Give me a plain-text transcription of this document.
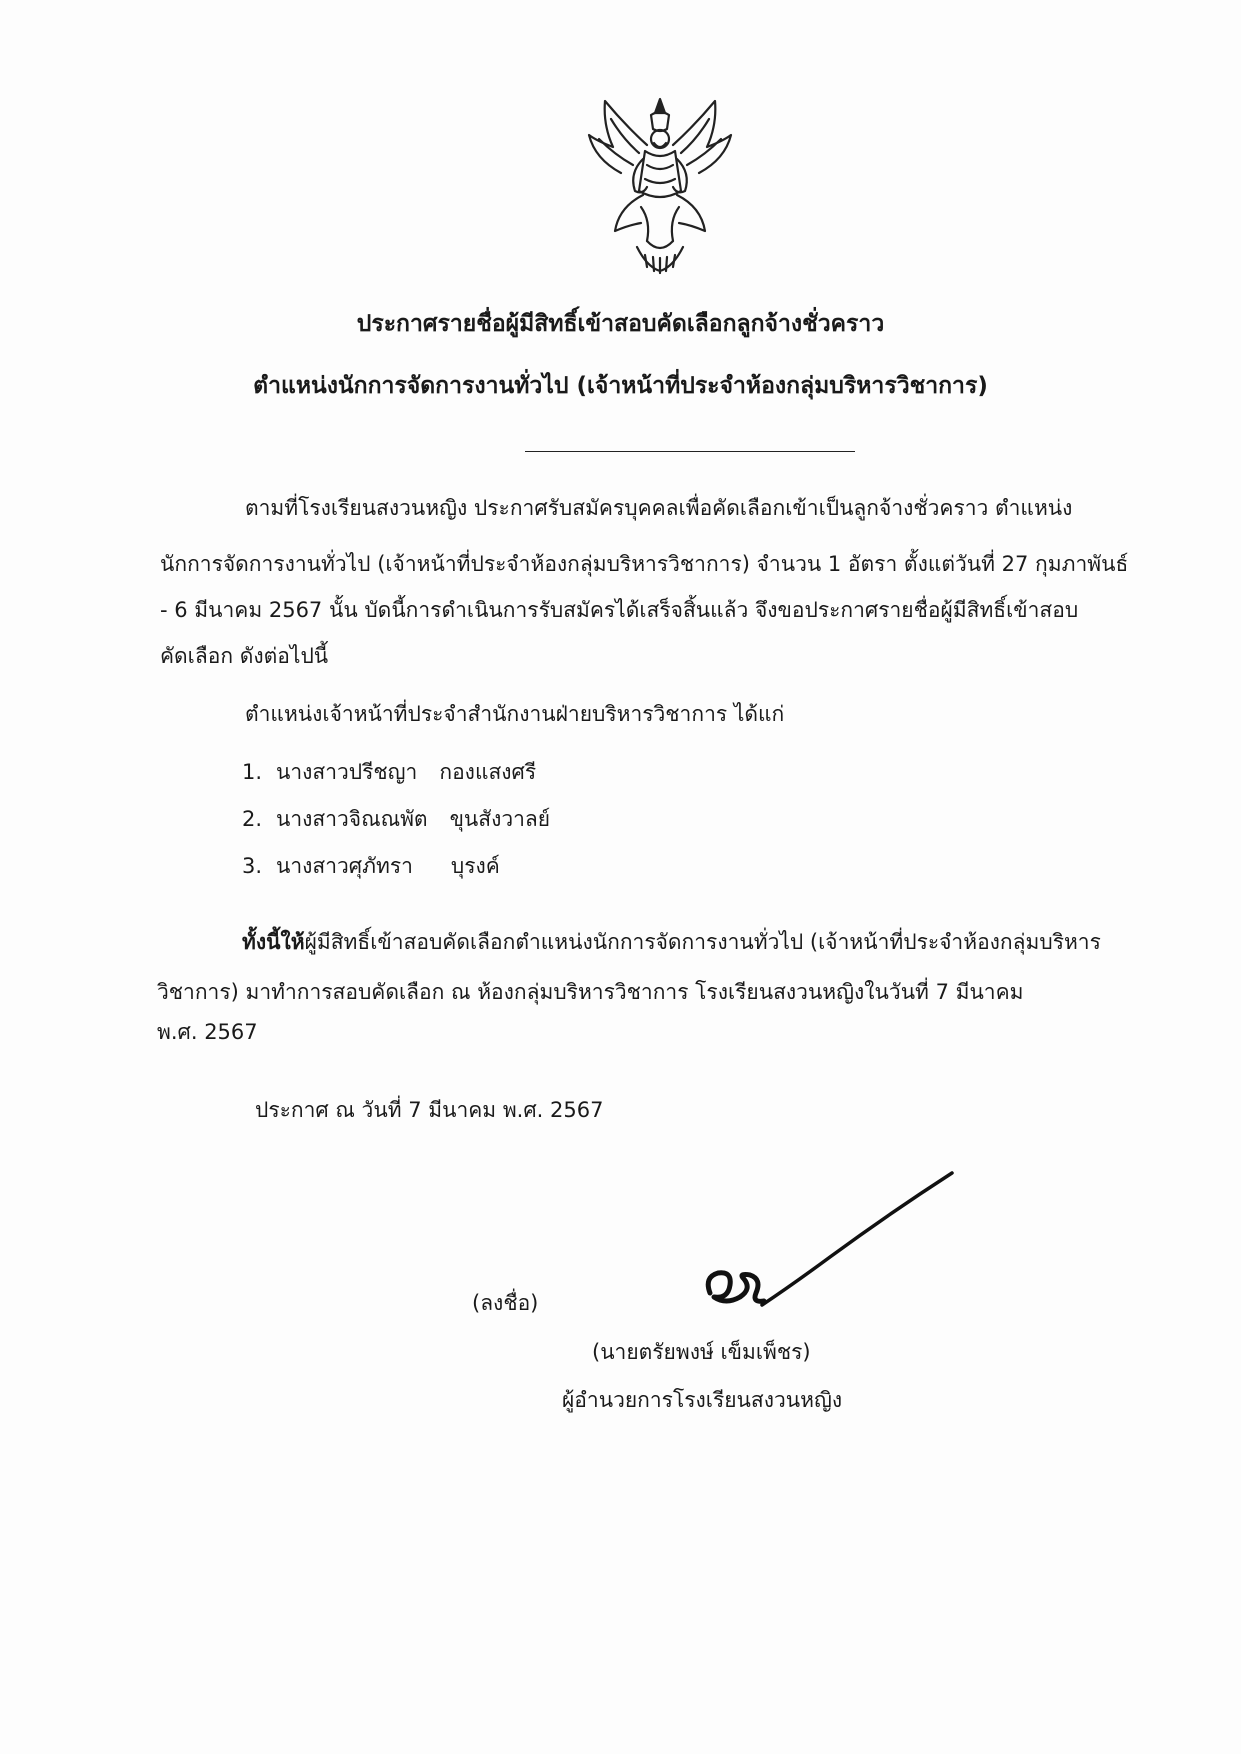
ประกาศรายชื่อผู้มีสิทธิ์เข้าสอบคัดเลือกลูกจ้างชั่วคราว
ตำแหน่งนักการจัดการงานทั่วไป (เจ้าหน้าที่ประจำห้องกลุ่มบริหารวิชาการ)
ตามที่โรงเรียนสงวนหญิง ประกาศรับสมัครบุคคลเพื่อคัดเลือกเข้าเป็นลูกจ้างชั่วคราว ตำแหน่ง
นักการจัดการงานทั่วไป (เจ้าหน้าที่ประจำห้องกลุ่มบริหารวิชาการ) จำนวน 1 อัตรา ตั้งแต่วันที่ 27 กุมภาพันธ์
- 6 มีนาคม 2567 นั้น บัดนี้การดำเนินการรับสมัครได้เสร็จสิ้นแล้ว จึงขอประกาศรายชื่อผู้มีสิทธิ์เข้าสอบ
คัดเลือก ดังต่อไปนี้
ตำแหน่งเจ้าหน้าที่ประจำสำนักงานฝ่ายบริหารวิชาการ ได้แก่
1. นางสาวปรีชญา กองแสงศรี
2. นางสาวจิณณพัต ขุนสังวาลย์
3. นางสาวศุภัทรา บุรงค์
ทั้งนี้ให้ผู้มีสิทธิ์เข้าสอบคัดเลือกตำแหน่งนักการจัดการงานทั่วไป (เจ้าหน้าที่ประจำห้องกลุ่มบริหาร
วิชาการ) มาทำการสอบคัดเลือก ณ ห้องกลุ่มบริหารวิชาการ โรงเรียนสงวนหญิงในวันที่ 7 มีนาคม
พ.ศ. 2567
ประกาศ ณ วันที่ 7 มีนาคม พ.ศ. 2567
(ลงชื่อ)
(นายตรัยพงษ์ เข็มเพ็ชร)
ผู้อำนวยการโรงเรียนสงวนหญิง
